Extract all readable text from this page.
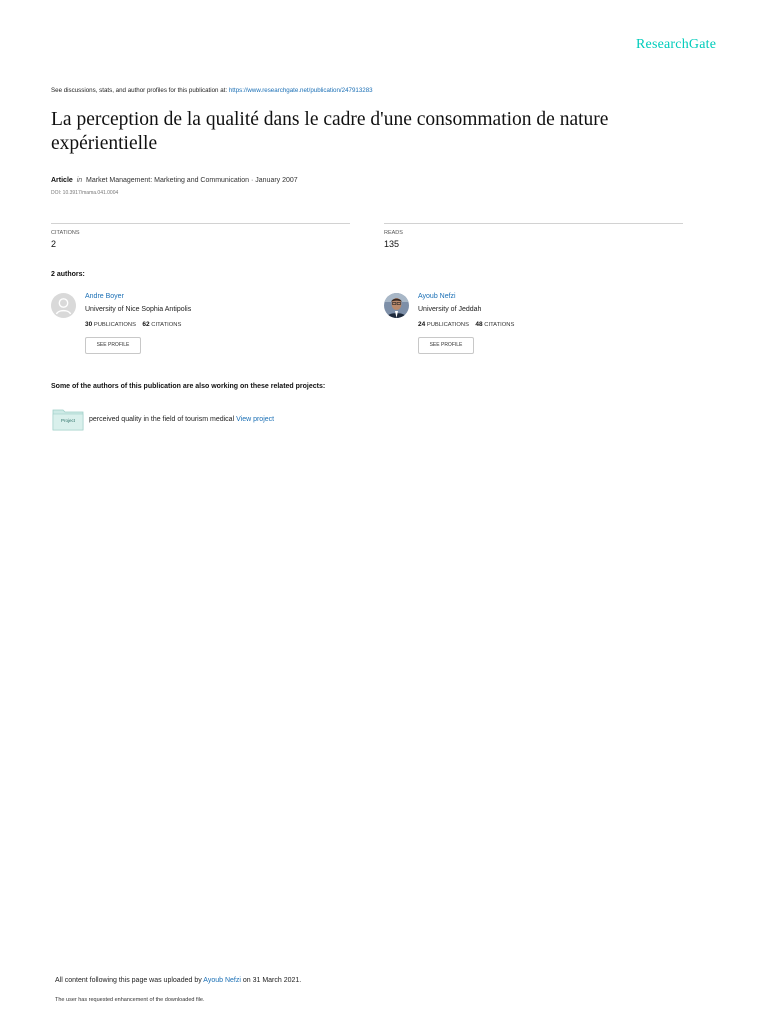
ResearchGate
See discussions, stats, and author profiles for this publication at: https://www.researchgate.net/publication/247913283
La perception de la qualité dans le cadre d'une consommation de nature expérientielle
Article in Market Management: Marketing and Communication · January 2007
DOI: 10.3917/mama.041.0004
CITATIONS
2
READS
135
2 authors:
Andre Boyer
University of Nice Sophia Antipolis
30 PUBLICATIONS 62 CITATIONS
SEE PROFILE
Ayoub Nefzi
University of Jeddah
24 PUBLICATIONS 48 CITATIONS
SEE PROFILE
Some of the authors of this publication are also working on these related projects:
Project	perceived quality in the field of tourism medical View project
All content following this page was uploaded by Ayoub Nefzi on 31 March 2021.
The user has requested enhancement of the downloaded file.
